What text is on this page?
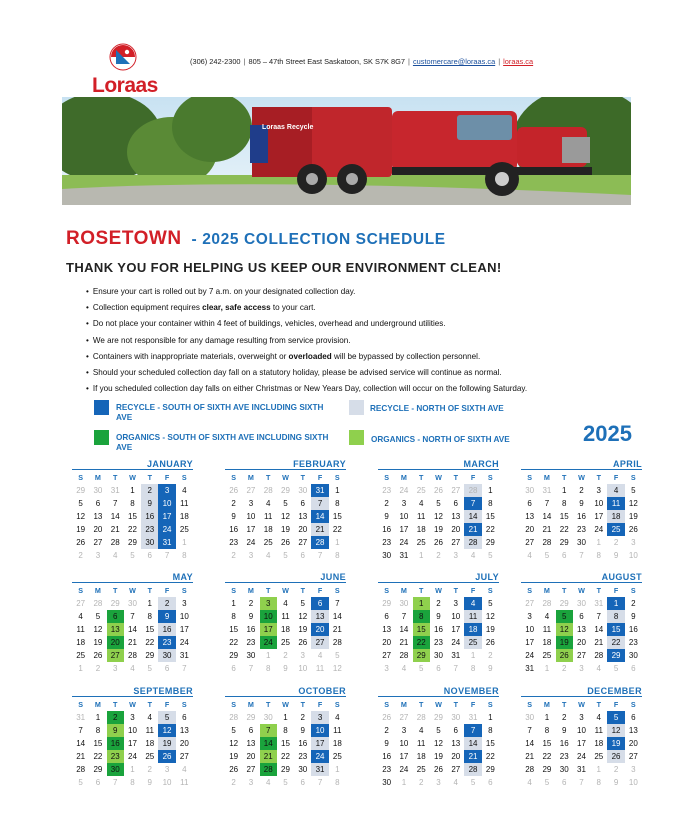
Loraas
(306) 242-2300 | 805 – 47th Street East Saskatoon, SK S7K 8G7 | customercare@loraas.ca | loraas.ca
Loraas Recycle
ROSETOWN - 2025 COLLECTION SCHEDULE
THANK YOU FOR HELPING US KEEP OUR ENVIRONMENT CLEAN!
• Ensure your cart is rolled out by 7 a.m. on your designated collection day.
• Collection equipment requires clear, safe access to your cart.
• Do not place your container within 4 feet of buildings, vehicles, overhead and underground utilities.
• We are not responsible for any damage resulting from service provision.
• Containers with inappropriate materials, overweight or overloaded will be bypassed by collection personnel.
• Should your scheduled collection day fall on a statutory holiday, please be advised service will continue as normal.
• If you scheduled collection day falls on either Christmas or New Years Day, collection will occur on the following Saturday.
RECYCLE - SOUTH OF SIXTH AVE INCLUDING SIXTH AVE
RECYCLE - NORTH OF SIXTH AVE
ORGANICS - SOUTH OF SIXTH AVE INCLUDING SIXTH AVE
ORGANICS - NORTH OF SIXTH AVE	2025
JANUARY
S	M	T	W	T	F	S
29	30	31	1	2	3	4
5	6	7	8	9	10	11
12	13	14	15	16	17	18
19	20	21	22	23	24	25
26	27	28	29	30	31	1
2	3	4	5	6	7	8
FEBRUARY
S	M	T	W	T	F	S
26	27	28	29	30	31	1
2	3	4	5	6	7	8
9	10	11	12	13	14	15
16	17	18	19	20	21	22
23	24	25	26	27	28	1
2	3	4	5	6	7	8
MARCH
S	M	T	W	T	F	S
23	24	25	26	27	28	1
2	3	4	5	6	7	8
9	10	11	12	13	14	15
16	17	18	19	20	21	22
23	24	25	26	27	28	29
30	31	1	2	3	4	5
APRIL
S	M	T	W	T	F	S
30	31	1	2	3	4	5
6	7	8	9	10	11	12
13	14	15	16	17	18	19
20	21	22	23	24	25	26
27	28	29	30	1	2	3
4	5	6	7	8	9	10
MAY
S	M	T	W	T	F	S
27	28	29	30	1	2	3
4	5	6	7	8	9	10
11	12	13	14	15	16	17
18	19	20	21	22	23	24
25	26	27	28	29	30	31
1	2	3	4	5	6	7
JUNE
S	M	T	W	T	F	S
1	2	3	4	5	6	7
8	9	10	11	12	13	14
15	16	17	18	19	20	21
22	23	24	25	26	27	28
29	30	1	2	3	4	5
6	7	8	9	10	11	12
JULY
S	M	T	W	T	F	S
29	30	1	2	3	4	5
6	7	8	9	10	11	12
13	14	15	16	17	18	19
20	21	22	23	24	25	26
27	28	29	30	31	1	2
3	4	5	6	7	8	9
AUGUST
S	M	T	W	T	F	S
27	28	29	30	31	1	2
3	4	5	6	7	8	9
10	11	12	13	14	15	16
17	18	19	20	21	22	23
24	25	26	27	28	29	30
31	1	2	3	4	5	6
SEPTEMBER
S	M	T	W	T	F	S
31	1	2	3	4	5	6
7	8	9	10	11	12	13
14	15	16	17	18	19	20
21	22	23	24	25	26	27
28	29	30	1	2	3	4
5	6	7	8	9	10	11
OCTOBER
S	M	T	W	T	F	S
28	29	30	1	2	3	4
5	6	7	8	9	10	11
12	13	14	15	16	17	18
19	20	21	22	23	24	25
26	27	28	29	30	31	1
2	3	4	5	6	7	8
NOVEMBER
S	M	T	W	T	F	S
26	27	28	29	30	31	1
2	3	4	5	6	7	8
9	10	11	12	13	14	15
16	17	18	19	20	21	22
23	24	25	26	27	28	29
30	1	2	3	4	5	6
DECEMBER
S	M	T	W	T	F	S
30	1	2	3	4	5	6
7	8	9	10	11	12	13
14	15	16	17	18	19	20
21	22	23	24	25	26	27
28	29	30	31	1	2	3
4	5	6	7	8	9	10
